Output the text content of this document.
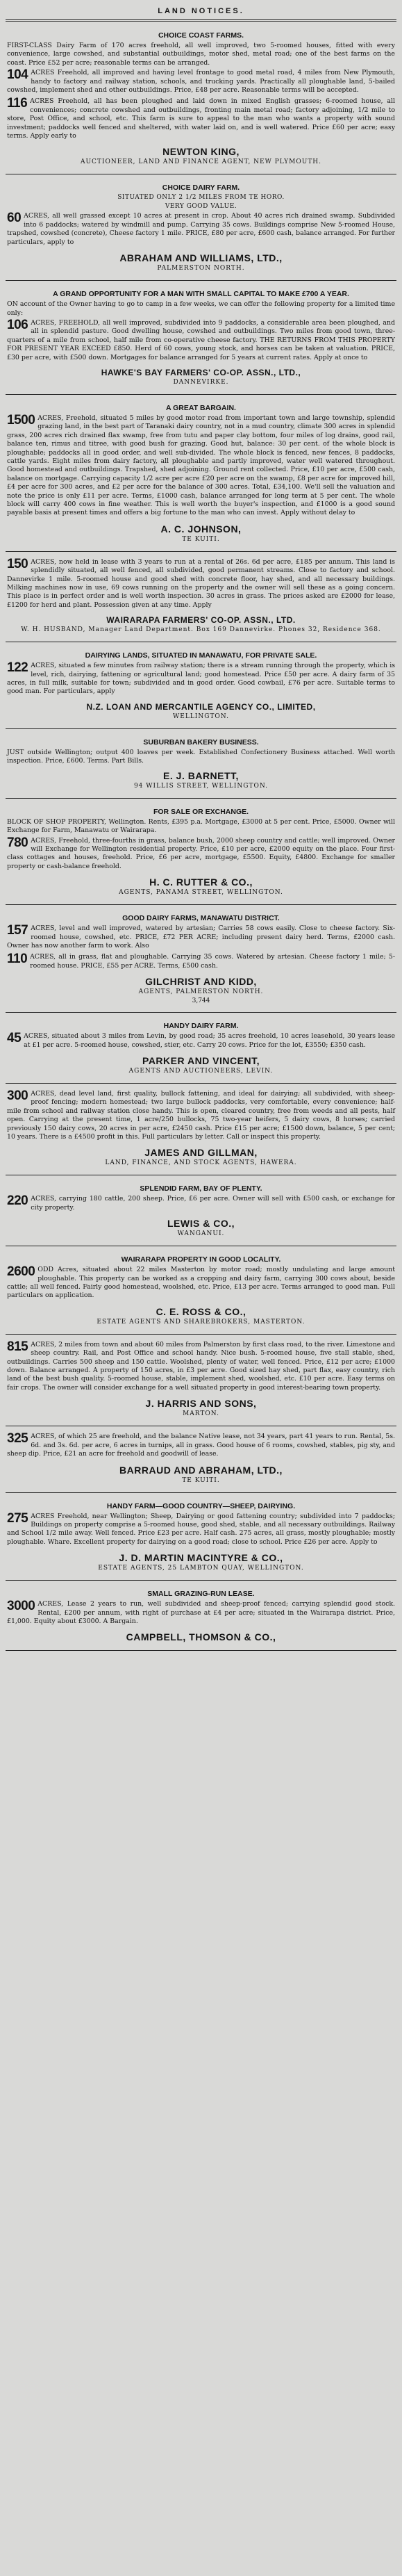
LAND NOTICES.
CHOICE COAST FARMS.
FIRST-CLASS Dairy Farm of 170 acres freehold, all well improved, two 5-roomed houses, fitted with every convenience, large cowshed, and substantial outbuildings, motor shed, metal road; one of the best farms on the coast. Price £52 per acre; reasonable terms can be arranged.
104 ACRES Freehold, all improved and having level frontage to good metal road, 4 miles from New Plymouth, handy to factory and railway station, schools, and trucking yards. Practically all ploughable land, 5-bailed cowshed, implement shed and other outbuildings. Price, £48 per acre. Reasonable terms will be accepted.
116 ACRES Freehold, all has been ploughed and laid down in mixed English grasses; 6-roomed house, all conveniences; concrete cowshed and outbuildings, fronting main metal road; factory adjoining, 1/2 mile to store, Post Office, and school, etc. This farm is sure to appeal to the man who wants a property with sound investment; paddocks well fenced and sheltered, with water laid on, and is well watered. Price £60 per acre; easy terms. Apply early to
NEWTON KING,
AUCTIONEER, LAND AND FINANCE AGENT, NEW PLYMOUTH.
CHOICE DAIRY FARM.
SITUATED ONLY 2 1/2 MILES FROM TE HORO.
VERY GOOD VALUE.
60 ACRES, all well grassed except 10 acres at present in crop. About 40 acres rich drained swamp. Subdivided into 6 paddocks; watered by windmill and pump. Carrying 35 cows. Buildings comprise New 5-roomed House, trapshed, cowshed (concrete), Cheese factory 1 mile. PRICE, £80 per acre, £600 cash, balance arranged. For further particulars, apply to
ABRAHAM AND WILLIAMS, LTD.,
PALMERSTON NORTH.
A GRAND OPPORTUNITY FOR A MAN WITH SMALL CAPITAL TO MAKE £700 A YEAR.
ON account of the Owner having to go to camp in a few weeks, we can offer the following property for a limited time only:
106 ACRES, FREEHOLD, all well improved, subdivided into 9 paddocks, a considerable area been ploughed, and all in splendid pasture. Good dwelling house, cowshed and outbuildings. Two miles from good town, three-quarters of a mile from school, half mile from co-operative cheese factory. THE RETURNS FROM THIS PROPERTY FOR PRESENT YEAR EXCEED £850. Herd of 60 cows, young stock, and horses can be taken at valuation. PRICE, £30 per acre, with £500 down. Mortgages for balance arranged for 5 years at current rates. Apply at once to
HAWKE'S BAY FARMERS' CO-OP. ASSN., LTD.,
DANNEVIRKE.
A GREAT BARGAIN.
1500 ACRES, Freehold, situated 5 miles by good motor road from important town and large township, splendid grazing land, in the best part of Taranaki dairy country, not in a mud country, climate 300 acres in splendid grass, 200 acres rich drained flax swamp, free from tutu and paper clay bottom, four miles of log drains, good rail, balance ten, rimus and titree, with good bush for grazing. Good hut, balance: 30 per cent. of the whole block is ploughable; paddocks all in good order, and well sub-divided. The whole block is fenced, new fences, 8 paddocks, cattle yards. Eight miles from dairy factory, all ploughable and partly improved, water well watered throughout. Good homestead and outbuildings. Trapshed, shed adjoining. Ground rent collected. Price, £10 per acre, £500 cash, balance on mortgage. Carrying capacity 1/2 acre per acre £20 per acre on the swamp, £8 per acre for improved hill, £4 per acre for 300 acres, and £2 per acre for the balance of 300 acres. Total, £34,100. We'll sell the valuation and note the price is only £11 per acre. Terms, £1000 cash, balance arranged for long term at 5 per cent. The whole block will carry 400 cows in fine weather. This is well worth the buyer's inspection, and £1000 is a good sound payable basis at present times and offers a big fortune to the man who can invest. Apply without delay to
A. C. JOHNSON,
TE KUITI.
150 ACRES, now held in lease with 3 years to run at a rental of 26s. 6d per acre, £185 per annum. This land is splendidly situated, all well fenced, all subdivided, good permanent streams. Close to factory and school. Dannevirke 1 mile. 5-roomed house and good shed with concrete floor, hay shed, and all necessary buildings. Milking machines now in use, 69 cows running on the property and the owner will sell these as a going concern. This place is in perfect order and is well worth inspection. 30 acres in grass. The prices asked are £2000 for lease, £1200 for herd and plant. Possession given at any time. Apply
WAIRARAPA FARMERS' CO-OP. ASSN., LTD.
W. H. HUSBAND, Manager Land Department. Box 169 Dannevirke. Phones 32, Residence 368.
DAIRYING LANDS, SITUATED IN MANAWATU, FOR PRIVATE SALE.
122 ACRES, situated a few minutes from railway station; there is a stream running through the property, which is level, rich, dairying, fattening or agricultural land; good homestead. Price £50 per acre. A dairy farm of 35 acres, in full milk, suitable for town; subdivided and in good order. Good cowbail, £76 per acre. Suitable terms to good man. For particulars, apply
N.Z. LOAN AND MERCANTILE AGENCY CO., LIMITED,
WELLINGTON.
SUBURBAN BAKERY BUSINESS.
JUST outside Wellington; output 400 loaves per week. Established Confectionery Business attached. Well worth inspection. Price, £600. Terms. Part Bills.
E. J. BARNETT,
94 WILLIS STREET, WELLINGTON.
FOR SALE OR EXCHANGE.
BLOCK OF SHOP PROPERTY, Wellington. Rents, £395 p.a. Mortgage, £3000 at 5 per cent. Price, £5000. Owner will Exchange for Farm, Manawatu or Wairarapa.
780 ACRES, Freehold, three-fourths in grass, balance bush, 2000 sheep country and cattle; well improved. Owner will Exchange for Wellington residential property. Price, £10 per acre, £2000 equity on the place. Four first-class cottages and houses, freehold. Price, £6 per acre, mortgage, £5500. Equity, £4800. Exchange for smaller property or cash-balance freehold.
H. C. RUTTER & CO.,
AGENTS, PANAMA STREET, WELLINGTON.
GOOD DAIRY FARMS, MANAWATU DISTRICT.
157 ACRES, level and well improved, watered by artesian; Carries 58 cows easily. Close to cheese factory. Six-roomed house, cowshed, etc. PRICE, £72 PER ACRE; including present dairy herd. Terms, £2000 cash. Owner has now another farm to work. Also
110 ACRES, all in grass, flat and ploughable. Carrying 35 cows. Watered by artesian. Cheese factory 1 mile; 5-roomed house. PRICE, £55 per ACRE. Terms, £500 cash.
GILCHRIST AND KIDD,
AGENTS, PALMERSTON NORTH.
3,744
HANDY DAIRY FARM.
45 ACRES, situated about 3 miles from Levin, by good road; 35 acres freehold, 10 acres leasehold, 30 years lease at £1 per acre. 5-roomed house, cowshed, stier, etc. Carry 20 cows. Price for the lot, £3550; £350 cash.
PARKER AND VINCENT,
AGENTS AND AUCTIONEERS, LEVIN.
300 ACRES, dead level land, first quality, bullock fattening, and ideal for dairying; all subdivided, with sheep-proof fencing; modern homestead; two large bullock paddocks, very comfortable, every convenience; half-mile from school and railway station close handy. This is open, cleared country, free from weeds and all pests, half open. Carrying at the present time, 1 acre/250 bullocks, 75 two-year heifers, 5 dairy cows, 8 horses; carried previously 150 dairy cows, 20 acres in per acre, £2450 cash. Price £15 per acre; £1500 down, balance, 5 per cent; 10 years. There is a £4500 profit in this. Full particulars by letter. Call or inspect this property.
JAMES AND GILLMAN,
LAND, FINANCE, AND STOCK AGENTS, HAWERA.
SPLENDID FARM, BAY OF PLENTY.
220 ACRES, carrying 180 cattle, 200 sheep. Price, £6 per acre. Owner will sell with £500 cash, or exchange for city property.
LEWIS & CO.,
WANGANUI.
WAIRARAPA PROPERTY IN GOOD LOCALITY.
2600 ODD Acres, situated about 22 miles Masterton by motor road; mostly undulating and large amount ploughable. This property can be worked as a cropping and dairy farm, carrying 300 cows about, beside cattle; all well fenced. Fairly good homestead, woolshed, etc. Price, £13 per acre. Terms arranged to good man. Full particulars on application.
C. E. ROSS & CO.,
ESTATE AGENTS AND SHAREBROKERS, MASTERTON.
815 ACRES, 2 miles from town and about 60 miles from Palmerston by first class road, to the river. Limestone and sheep country. Rail, and Post Office and school handy. Nice bush. 5-roomed house, five stall stable, shed, outbuildings. Carries 500 sheep and 150 cattle. Woolshed, plenty of water, well fenced. Price, £12 per acre; £1000 down. Balance arranged. A property of 150 acres, in £3 per acre. Good sized hay shed, part flax, easy country, rich land of the best bush quality. 5-roomed house, stable, implement shed, woolshed, etc. £10 per acre. Easy terms on fair crops. The owner will consider exchange for a well situated property in good interest-bearing town property.
J. HARRIS AND SONS,
MARTON.
325 ACRES, of which 25 are freehold, and the balance Native lease, not 34 years, part 41 years to run. Rental, 5s. 6d. and 3s. 6d. per acre, 6 acres in turnips, all in grass. Good house of 6 rooms, cowshed, stables, pig sty, and sheep dip. Price, £21 an acre for freehold and goodwill of lease.
BARRAUD AND ABRAHAM, LTD.,
TE KUITI.
HANDY FARM—GOOD COUNTRY—SHEEP, DAIRYING.
275 ACRES Freehold, near Wellington; Sheep, Dairying or good fattening country; subdivided into 7 paddocks; Buildings on property comprise a 5-roomed house, good shed, stable, and all necessary outbuildings. Railway and School 1/2 mile away. Well fenced. Price £23 per acre. Half cash. 275 acres, all grass, mostly ploughable; mostly ploughable. Whare. Excellent property for dairying on a good road; close to school. Price £26 per acre. Apply to
J. D. MARTIN MACINTYRE & CO.,
ESTATE AGENTS, 25 LAMBTON QUAY, WELLINGTON.
SMALL GRAZING-RUN LEASE.
3000 ACRES, Lease 2 years to run, well subdivided and sheep-proof fenced; carrying splendid good stock. Rental, £200 per annum, with right of purchase at £4 per acre; situated in the Wairarapa district. Price, £1,000. Equity about £3000. A Bargain.
CAMPBELL, THOMSON & CO.,
